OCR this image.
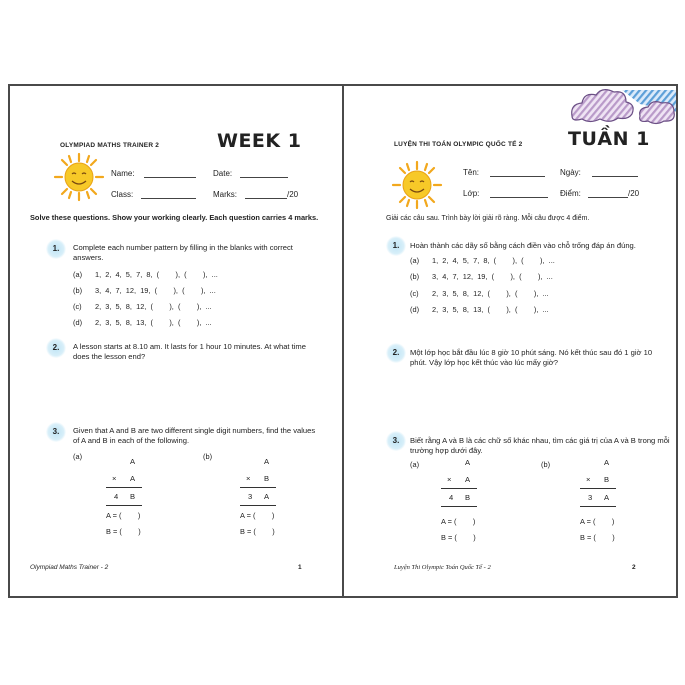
OLYMPIAD MATHS TRAINER 2	WEEK 1
Name:	Date:
Class:	Marks:	/20
Solve these questions. Show your working clearly. Each question carries 4 marks.
1.	Complete each number pattern by filling in the blanks with correct answers.
(a) 1,  2,  4,  5,  7,  8,  (        ),  (        ),  ...
(b) 3,  4,  7,  12,  19,  (        ),  (        ),  ...
(c) 2,  3,  5,  8,  12,  (        ),  (        ),  ...
(d) 2,  3,  5,  8,  13,  (        ),  (        ),  ...
2.	A lesson starts at 8.10 am. It lasts for 1 hour 10 minutes. At what time does the lesson end?
3.	Given that A and B are two different single digit numbers, find the values of A and B in each of the following.
(a)
A
× A
4 B
A = (        )
B = (        )
(b)
A
× B
3 A
A = (        )
B = (        )
Olympiad Maths Trainer - 2	1
LUYỆN THI TOÁN OLYMPIC QUỐC TẾ 2 TUẦN 1
Tên:	Ngày:
Lớp:	Điểm:	/20
Giải các câu sau. Trình bày lời giải rõ ràng. Mỗi câu được 4 điểm.
1.	Hoàn thành các dãy số bằng cách điền vào chỗ trống đáp án đúng.
(a) 1,  2,  4,  5,  7,  8,  (        ),  (        ),  ...
(b) 3,  4,  7,  12,  19,  (        ),  (        ),  ...
(c) 2,  3,  5,  8,  12,  (        ),  (        ),  ...
(d) 2,  3,  5,  8,  13,  (        ),  (        ),  ...
2.	Một lớp học bắt đầu lúc 8 giờ 10 phút sáng. Nó kết thúc sau đó 1 giờ 10 phút. Vậy lớp học kết thúc vào lúc mấy giờ?
3.	Biết rằng A và B là các chữ số khác nhau, tìm các giá trị của A và B trong mỗi trường hợp dưới đây.
(a)	A
× A
4 B
A = (        )
B = (        )
(b)	A
× B
3 A
A = (        )
B = (        )
Luyện Thi Olympic Toán Quốc Tế - 2	2
